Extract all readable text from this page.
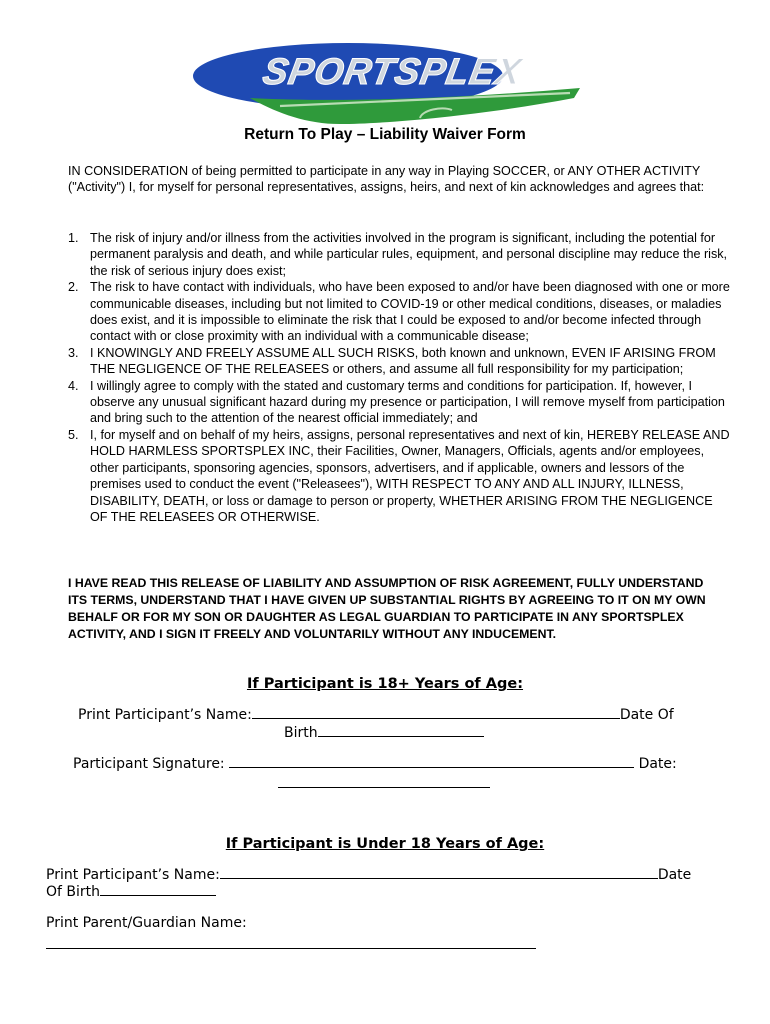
SPORTSPLEX
Return To Play – Liability Waiver Form
IN CONSIDERATION of being permitted to participate in any way in Playing SOCCER, or ANY OTHER ACTIVITY ("Activity") I, for myself for personal representatives, assigns, heirs, and next of kin acknowledges and agrees that:
1. The risk of injury and/or illness from the activities involved in the program is significant, including the potential for permanent paralysis and death, and while particular rules, equipment, and personal discipline may reduce the risk, the risk of serious injury does exist;
2. The risk to have contact with individuals, who have been exposed to and/or have been diagnosed with one or more communicable diseases, including but not limited to COVID-19 or other medical conditions, diseases, or maladies does exist, and it is impossible to eliminate the risk that I could be exposed to and/or become infected through contact with or close proximity with an individual with a communicable disease;
3. I KNOWINGLY AND FREELY ASSUME ALL SUCH RISKS, both known and unknown, EVEN IF ARISING FROM THE NEGLIGENCE OF THE RELEASEES or others, and assume all full responsibility for my participation;
4. I willingly agree to comply with the stated and customary terms and conditions for participation. If, however, I observe any unusual significant hazard during my presence or participation, I will remove myself from participation and bring such to the attention of the nearest official immediately; and
5. I, for myself and on behalf of my heirs, assigns, personal representatives and next of kin, HEREBY RELEASE AND HOLD HARMLESS SPORTSPLEX INC, their Facilities, Owner, Managers, Officials, agents and/or employees, other participants, sponsoring agencies, sponsors, advertisers, and if applicable, owners and lessors of the premises used to conduct the event ("Releasees"), WITH RESPECT TO ANY AND ALL INJURY, ILLNESS, DISABILITY, DEATH, or loss or damage to person or property, WHETHER ARISING FROM THE NEGLIGENCE OF THE RELEASEES OR OTHERWISE.
I HAVE READ THIS RELEASE OF LIABILITY AND ASSUMPTION OF RISK AGREEMENT, FULLY UNDERSTAND ITS TERMS, UNDERSTAND THAT I HAVE GIVEN UP SUBSTANTIAL RIGHTS BY AGREEING TO IT ON MY OWN BEHALF OR FOR MY SON OR DAUGHTER AS LEGAL GUARDIAN TO PARTICIPATE IN ANY SPORTSPLEX ACTIVITY, AND I SIGN IT FREELY AND VOLUNTARILY WITHOUT ANY INDUCEMENT.
If Participant is 18+ Years of Age:
Print Participant’s Name:	Date Of
Birth
Participant Signature:	Date:
If Participant is Under 18 Years of Age:
Print Participant’s Name:	Date
Of Birth
Print Parent/Guardian Name:
